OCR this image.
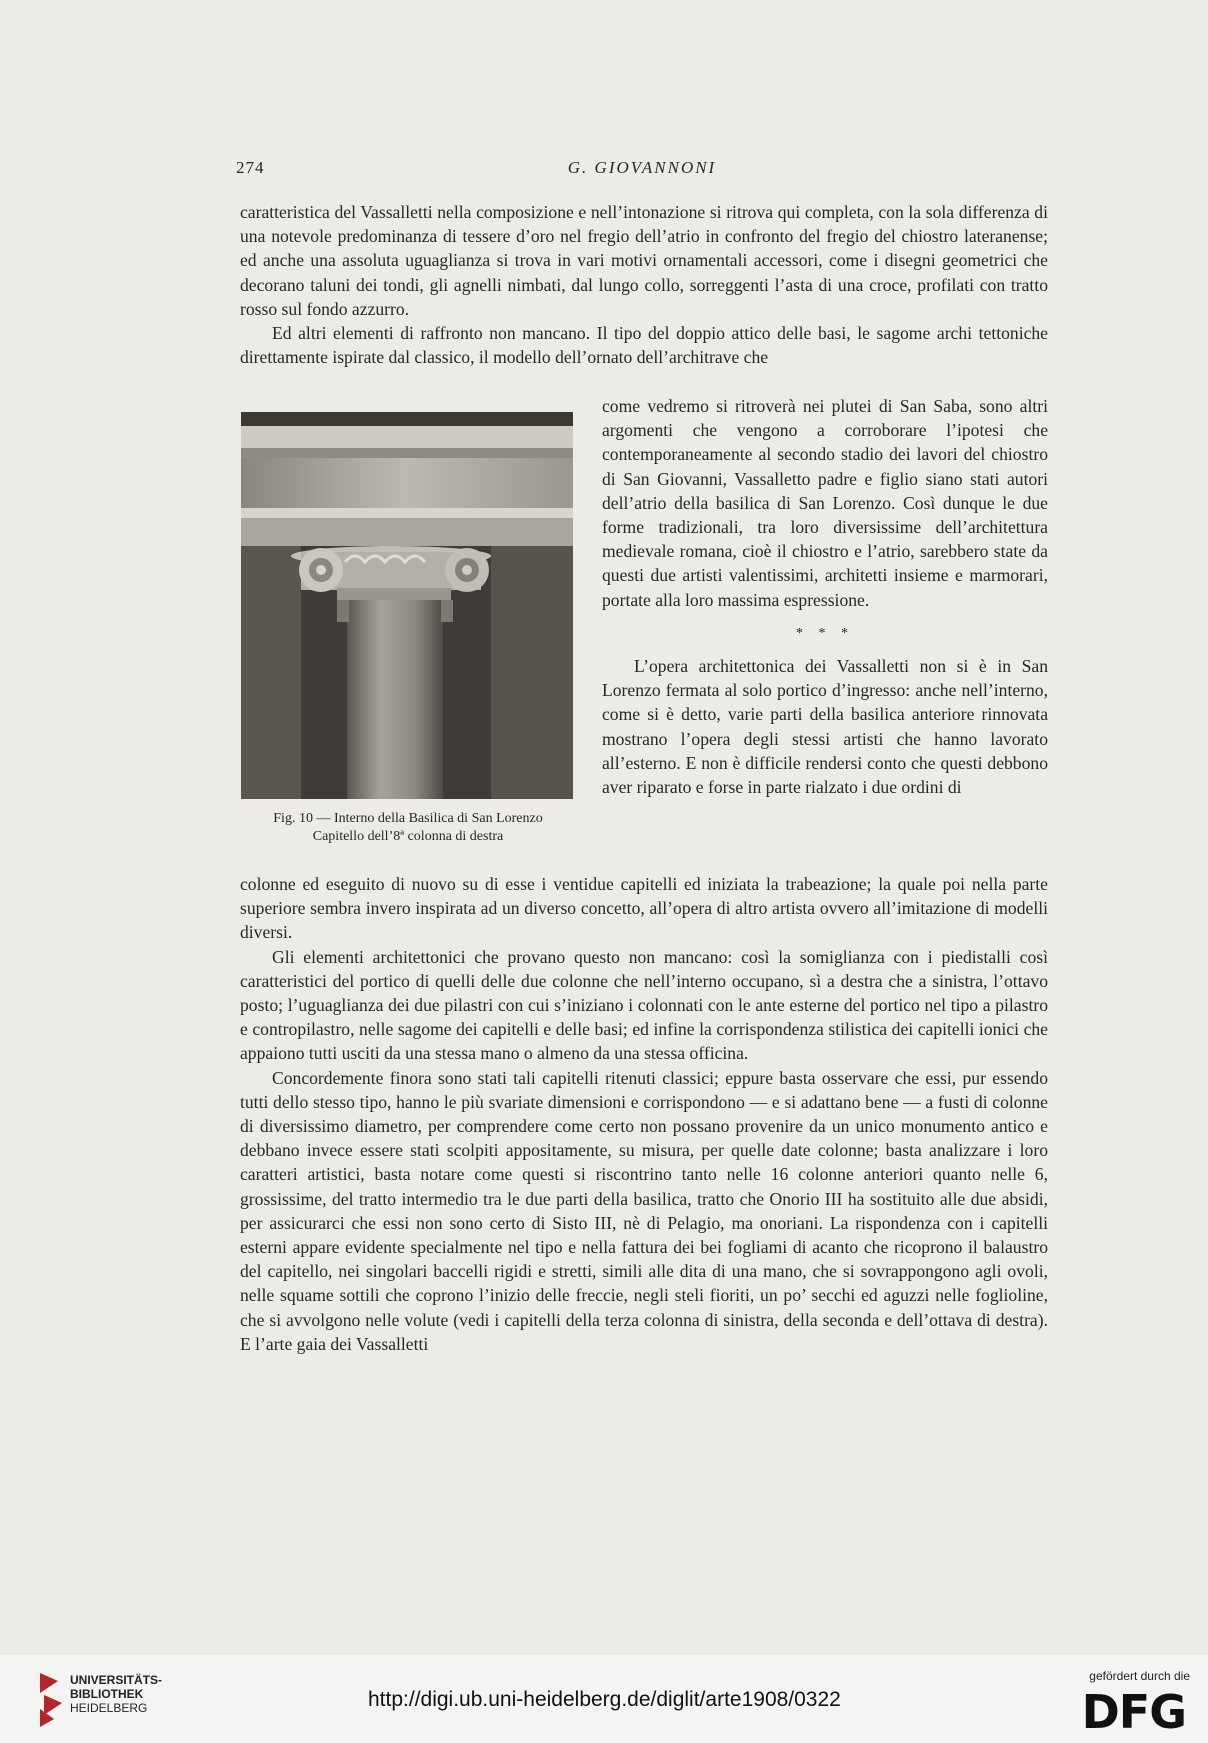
274	G. GIOVANNONI

caratteristica del Vassalletti nella composizione e nell’intonazione si ritrova qui completa, con la sola differenza di una notevole predominanza di tessere d’oro nel fregio dell’atrio in confronto del fregio del chiostro lateranense; ed anche una assoluta uguaglianza si trova in vari motivi ornamentali accessori, come i disegni geometrici che decorano taluni dei tondi, gli agnelli nimbati, dal lungo collo, sorreggenti l’asta di una croce, profilati con tratto rosso sul fondo azzurro.

Ed altri elementi di raffronto non mancano. Il tipo del doppio attico delle basi, le sagome archi tettoniche direttamente ispirate dal classico, il modello dell’ornato dell’architrave che

Fig. 10 — Interno della Basilica di San Lorenzo
Capitello dell’8ª colonna di destra

come vedremo si ritroverà nei plutei di San Saba, sono altri argomenti che vengono a corroborare l’ipotesi che contemporaneamente al secondo stadio dei lavori del chiostro di San Giovanni, Vassalletto padre e figlio siano stati autori dell’atrio della basilica di San Lorenzo. Così dunque le due forme tradizionali, tra loro diversissime dell’architettura medievale romana, cioè il chiostro e l’atrio, sarebbero state da questi due artisti valentissimi, architetti insieme e marmorari, portate alla loro massima espressione.

* * *

L’opera architettonica dei Vassalletti non si è in San Lorenzo fermata al solo portico d’ingresso: anche nell’interno, come si è detto, varie parti della basilica anteriore rinnovata mostrano l’opera degli stessi artisti che hanno lavorato all’esterno. E non è difficile rendersi conto che questi debbono aver riparato e forse in parte rialzato i due ordini di

colonne ed eseguito di nuovo su di esse i ventidue capitelli ed iniziata la trabeazione; la quale poi nella parte superiore sembra invero inspirata ad un diverso concetto, all’opera di altro artista ovvero all’imitazione di modelli diversi.

Gli elementi architettonici che provano questo non mancano: così la somiglianza con i piedistalli così caratteristici del portico di quelli delle due colonne che nell’interno occupano, sì a destra che a sinistra, l’ottavo posto; l’uguaglianza dei due pilastri con cui s’iniziano i colonnati con le ante esterne del portico nel tipo a pilastro e contropilastro, nelle sagome dei capitelli e delle basi; ed infine la corrispondenza stilistica dei capitelli ionici che appaiono tutti usciti da una stessa mano o almeno da una stessa officina.

Concordemente finora sono stati tali capitelli ritenuti classici; eppure basta osservare che essi, pur essendo tutti dello stesso tipo, hanno le più svariate dimensioni e corrispondono — e si adattano bene — a fusti di colonne di diversissimo diametro, per comprendere come certo non possano provenire da un unico monumento antico e debbano invece essere stati scolpiti appositamente, su misura, per quelle date colonne; basta analizzare i loro caratteri artistici, basta notare come questi si riscontrino tanto nelle 16 colonne anteriori quanto nelle 6, grossissime, del tratto intermedio tra le due parti della basilica, tratto che Onorio III ha sostituito alle due absidi, per assicurarci che essi non sono certo di Sisto III, nè di Pelagio, ma onoriani. La rispondenza con i capitelli esterni appare evidente specialmente nel tipo e nella fattura dei bei fogliami di acanto che ricoprono il balaustro del capitello, nei singolari baccelli rigidi e stretti, simili alle dita di una mano, che si sovrappongono agli ovoli, nelle squame sottili che coprono l’inizio delle freccie, negli steli fioriti, un po’ secchi ed aguzzi nelle foglioline, che si avvolgono nelle volute (vedi i capitelli della terza colonna di sinistra, della seconda e dell’ottava di destra). E l’arte gaia dei Vassalletti

UNIVERSITÄTS-
BIBLIOTHEK
HEIDELBERG	http://digi.ub.uni-heidelberg.de/diglit/arte1908/0322
gefördert durch die
DFG
